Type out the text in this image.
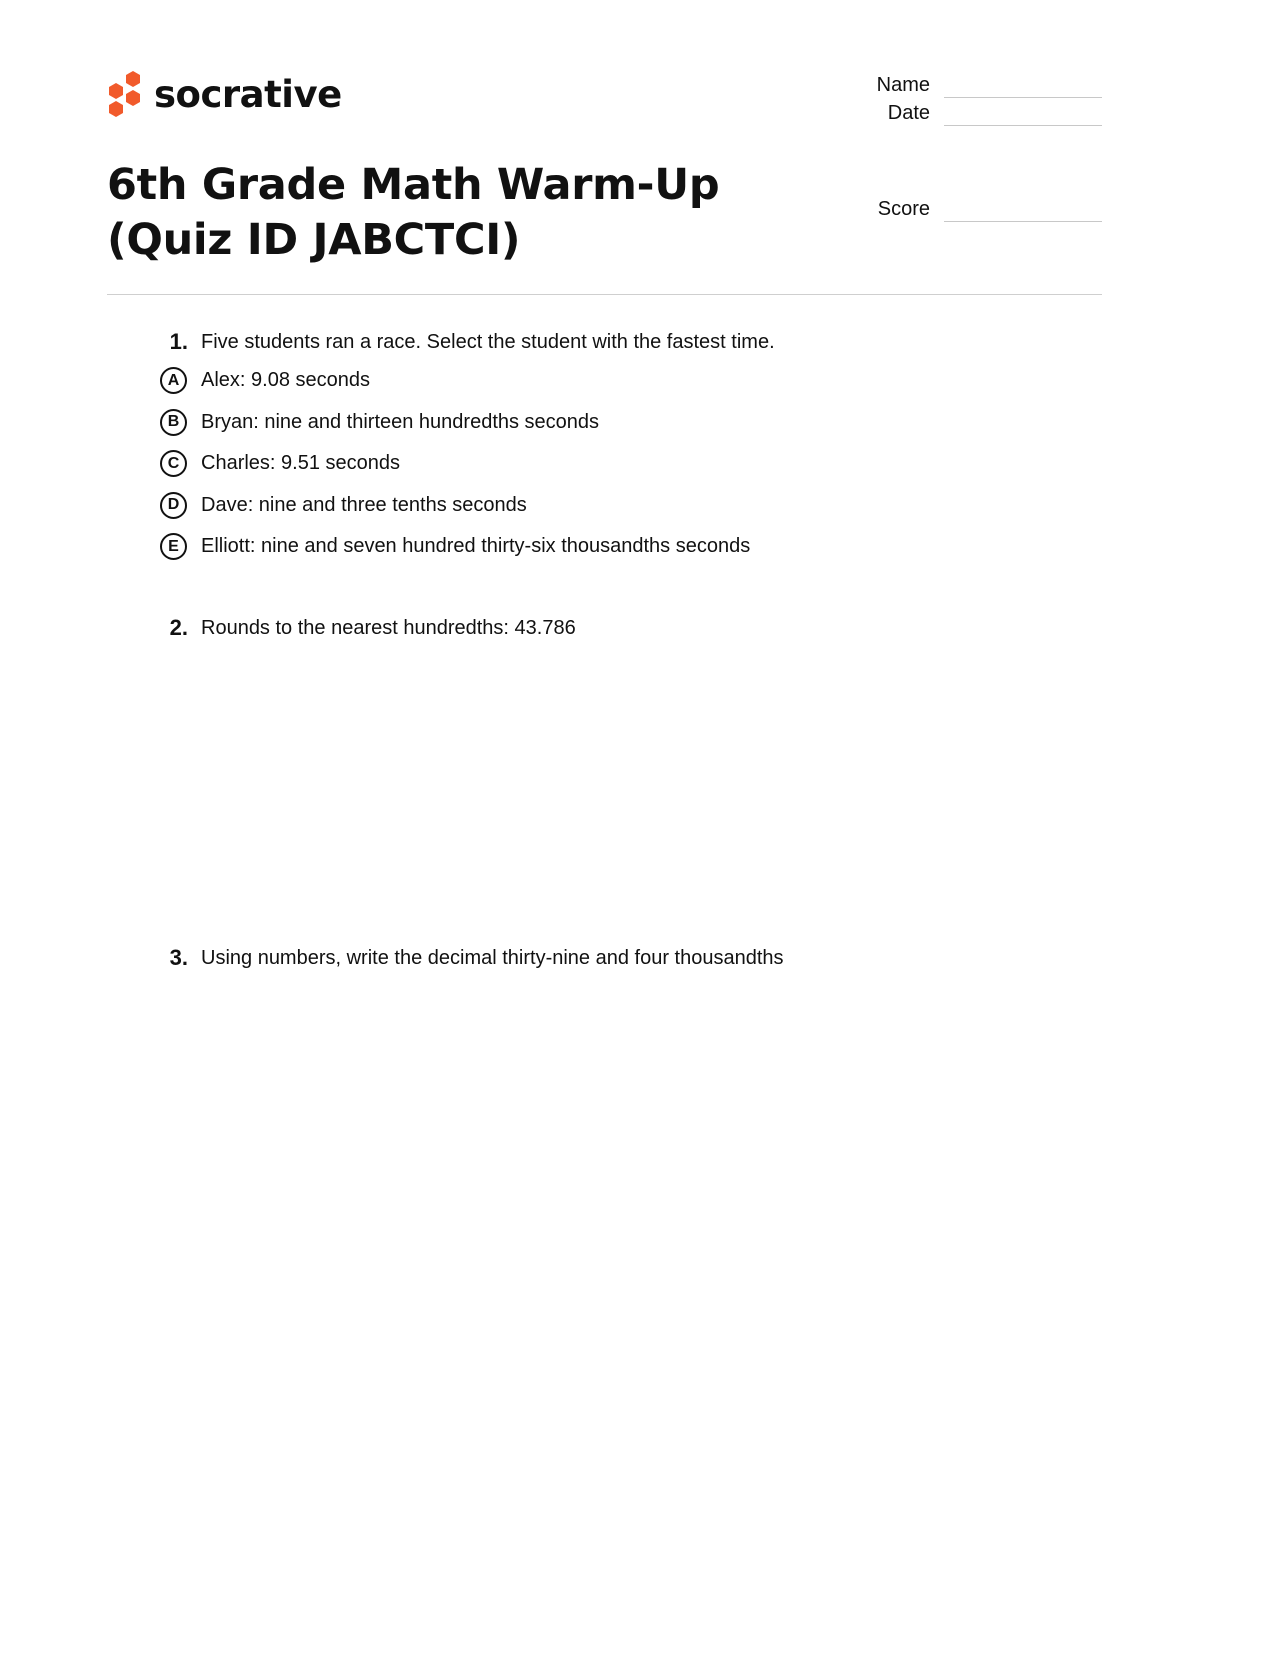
socrative
6th Grade Math Warm-Up (Quiz ID JABCTCI)
Name
Date
Score
1. Five students ran a race. Select the student with the fastest time.
A	Alex: 9.08 seconds
B	Bryan: nine and thirteen hundredths seconds
C	Charles: 9.51 seconds
D	Dave: nine and three tenths seconds
E	Elliott: nine and seven hundred thirty-six thousandths seconds
2. Rounds to the nearest hundredths: 43.786
3. Using numbers, write the decimal thirty-nine and four thousandths
